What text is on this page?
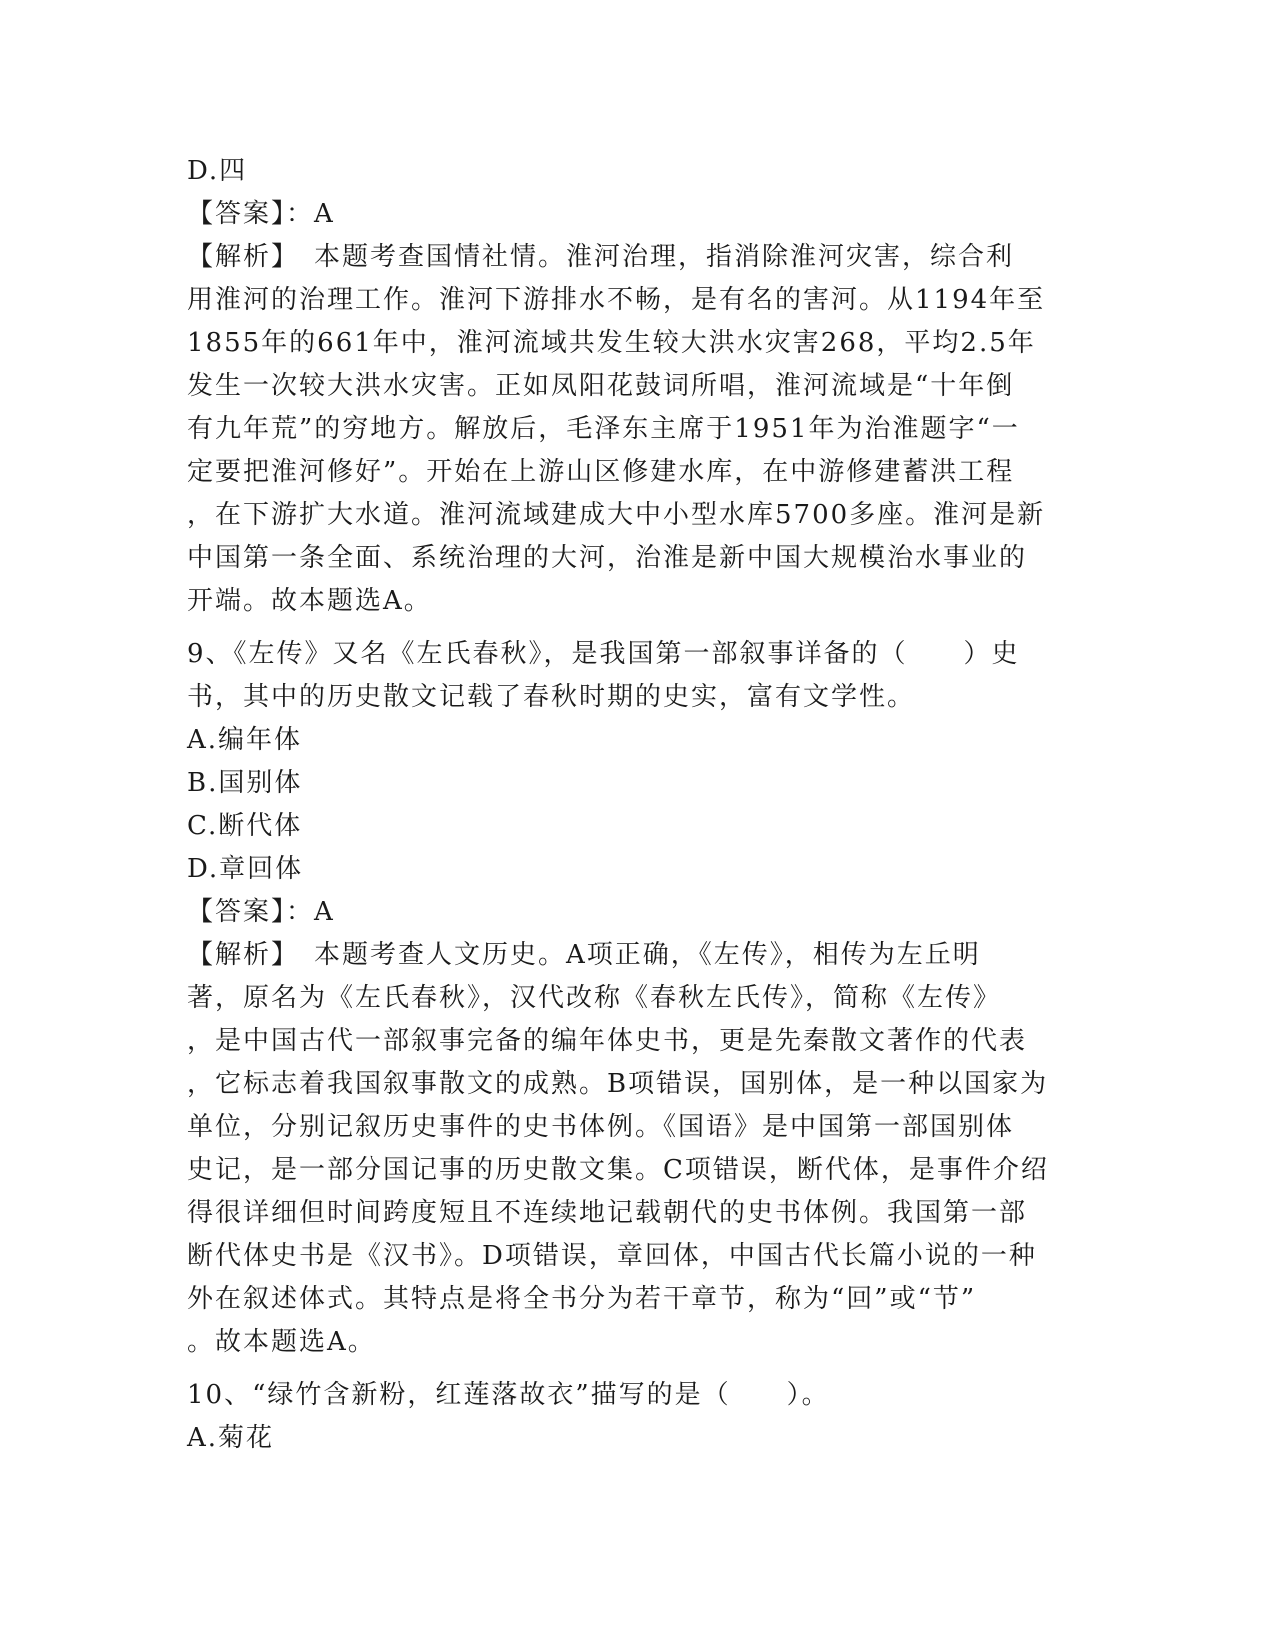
D.四
【答案】：A
【解析】　本题考查国情社情。淮河治理，指消除淮河灾害，综合利
用淮河的治理工作。淮河下游排水不畅，是有名的害河。从1194年至
1855年的661年中，淮河流域共发生较大洪水灾害268，平均2.5年
发生一次较大洪水灾害。正如凤阳花鼓词所唱，淮河流域是“十年倒
有九年荒”的穷地方。解放后，毛泽东主席于1951年为治淮题字“一
定要把淮河修好”。开始在上游山区修建水库，在中游修建蓄洪工程
，在下游扩大水道。淮河流域建成大中小型水库5700多座。淮河是新
中国第一条全面、系统治理的大河，治淮是新中国大规模治水事业的
开端。故本题选A。
9、《左传》又名《左氏春秋》，是我国第一部叙事详备的（　　）史
书，其中的历史散文记载了春秋时期的史实，富有文学性。
A.编年体
B.国别体
C.断代体
D.章回体
【答案】：A
【解析】　本题考查人文历史。A项正确，《左传》，相传为左丘明
著，原名为《左氏春秋》，汉代改称《春秋左氏传》，简称《左传》
，是中国古代一部叙事完备的编年体史书，更是先秦散文著作的代表
，它标志着我国叙事散文的成熟。B项错误，国别体，是一种以国家为
单位，分别记叙历史事件的史书体例。《国语》是中国第一部国别体
史记，是一部分国记事的历史散文集。C项错误，断代体，是事件介绍
得很详细但时间跨度短且不连续地记载朝代的史书体例。我国第一部
断代体史书是《汉书》。D项错误，章回体，中国古代长篇小说的一种
外在叙述体式。其特点是将全书分为若干章节，称为“回”或“节”
。故本题选A。
10、“绿竹含新粉，红莲落故衣”描写的是（　　）。
A.菊花
